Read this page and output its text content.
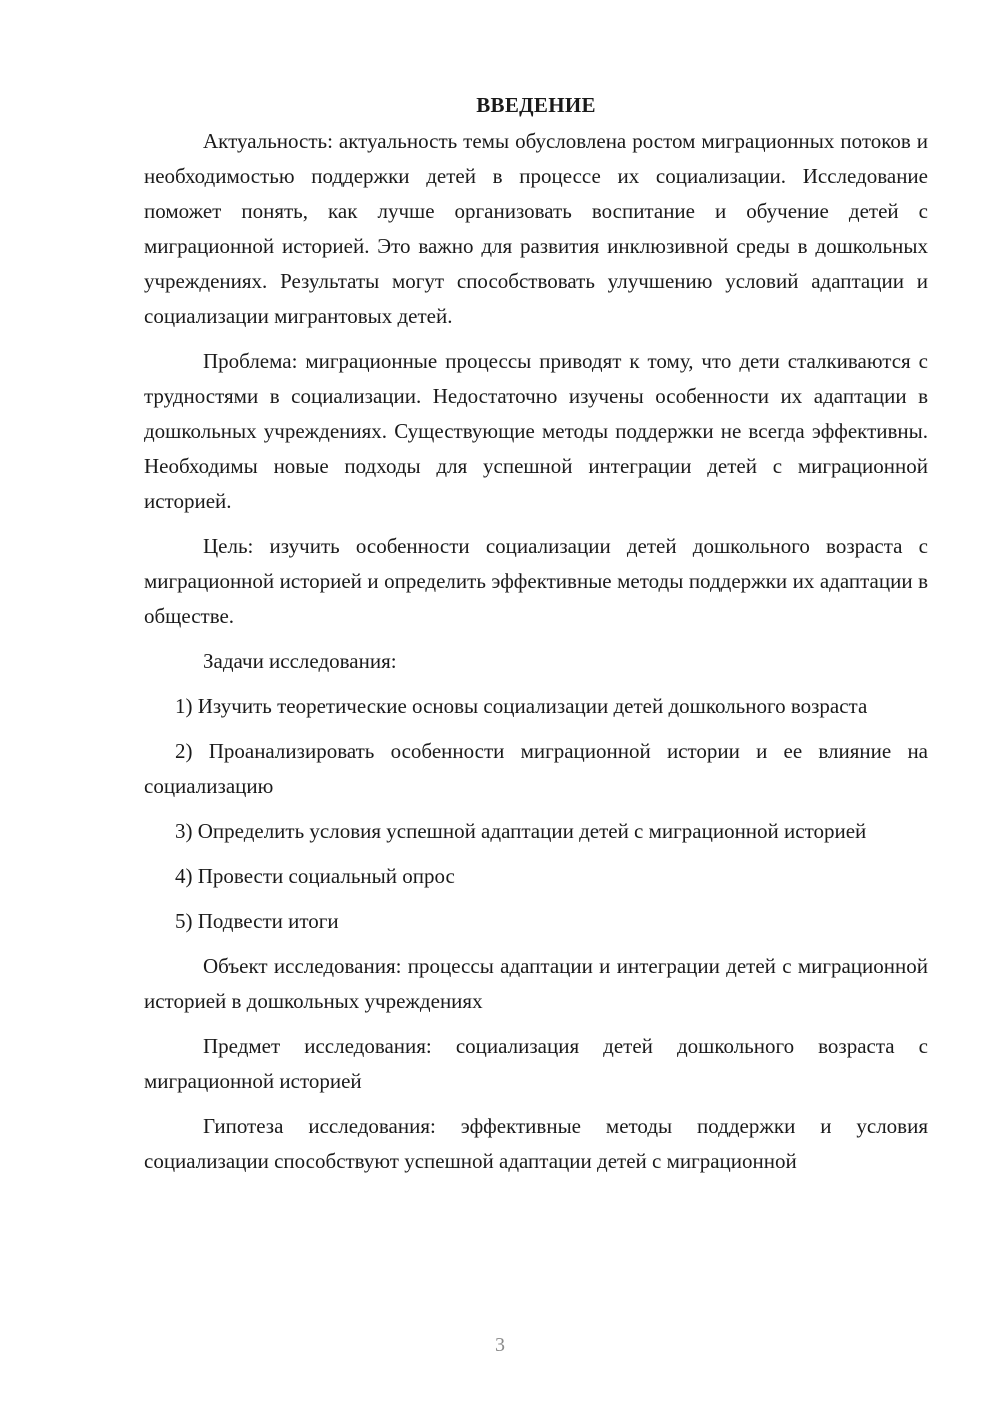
ВВЕДЕНИЕ

Актуальность: актуальность темы обусловлена ростом миграционных потоков и необходимостью поддержки детей в процессе их социализации. Исследование поможет понять, как лучше организовать воспитание и обучение детей с миграционной историей. Это важно для развития инклюзивной среды в дошкольных учреждениях. Результаты могут способствовать улучшению условий адаптации и социализации мигрантовых детей.

Проблема: миграционные процессы приводят к тому, что дети сталкиваются с трудностями в социализации. Недостаточно изучены особенности их адаптации в дошкольных учреждениях. Существующие методы поддержки не всегда эффективны. Необходимы новые подходы для успешной интеграции детей с миграционной историей.

Цель: изучить особенности социализации детей дошкольного возраста с миграционной историей и определить эффективные методы поддержки их адаптации в обществе.

Задачи исследования:

1) Изучить теоретические основы социализации детей дошкольного возраста

2) Проанализировать особенности миграционной истории и ее влияние на социализацию

3) Определить условия успешной адаптации детей с миграционной историей

4) Провести социальный опрос

5) Подвести итоги

Объект исследования: процессы адаптации и интеграции детей с миграционной историей в дошкольных учреждениях

Предмет исследования: социализация детей дошкольного возраста с миграционной историей

Гипотеза исследования: эффективные методы поддержки и условия социализации способствуют успешной адаптации детей с миграционной

3
